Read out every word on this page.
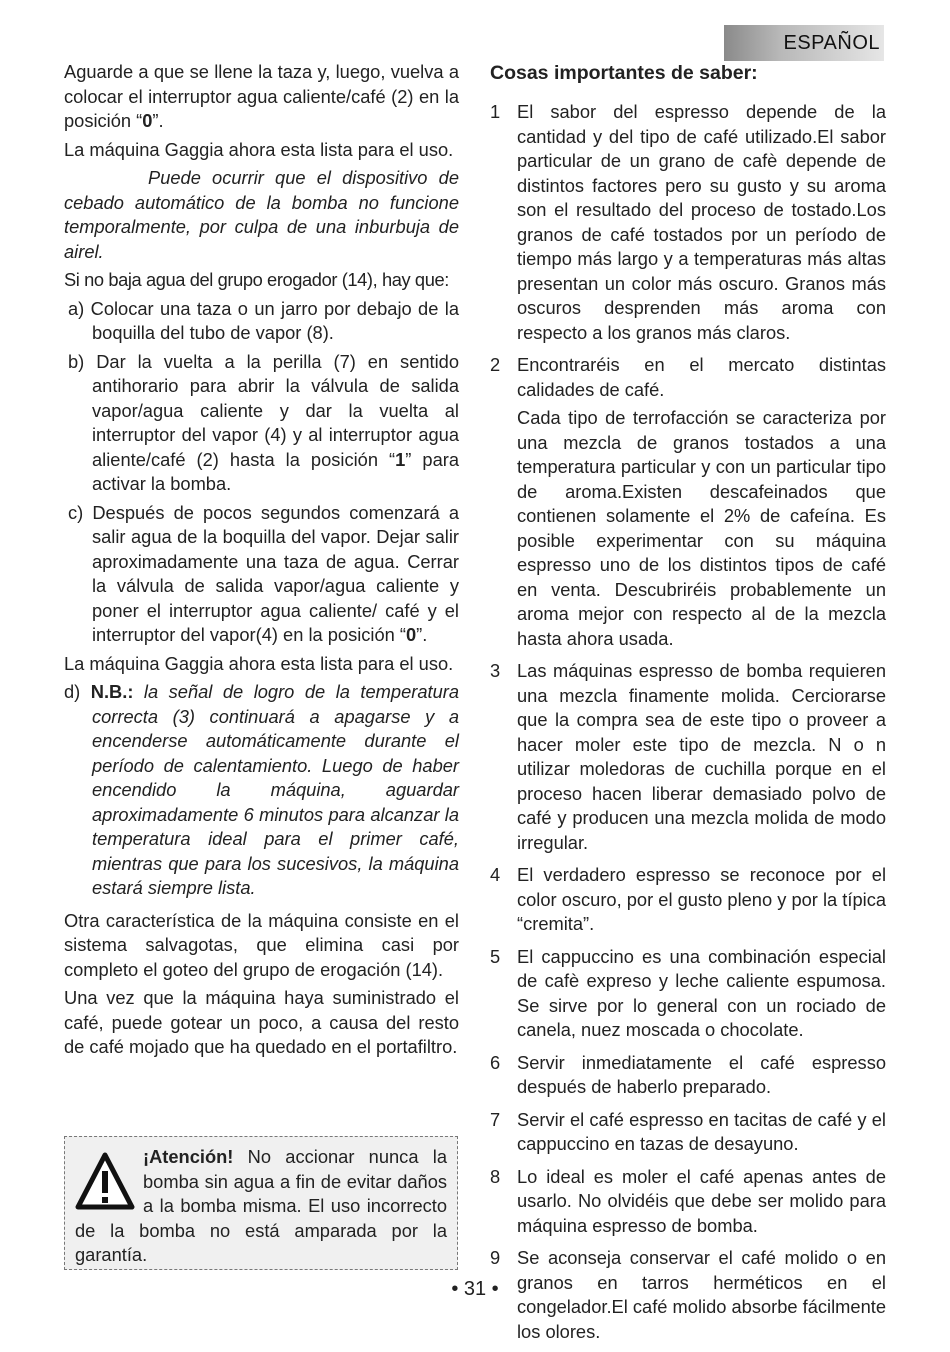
ESPAÑOL

Aguarde a que se llene la taza y, luego, vuelva a colocar el interruptor agua caliente/café (2) en la posición “0”.

La máquina Gaggia ahora esta lista para el uso.

Puede ocurrir que el dispositivo de cebado automático de la bomba no funcione temporalmente, por culpa de una inburbuja de airel.

Si no baja agua del grupo erogador (14), hay que:

a) Colocar una taza o un jarro por debajo de la boquilla del tubo de vapor (8).

b) Dar la vuelta a la perilla (7) en sentido antihorario para abrir la válvula de salida vapor/agua caliente y dar la vuelta al interruptor del vapor (4) y al interruptor agua aliente/café (2) hasta la posición “1” para activar la bomba.

c) Después de pocos segundos comenzará a salir agua de la boquilla del vapor. Dejar salir aproximadamente una taza de agua. Cerrar la válvula de salida vapor/agua caliente y poner el interruptor agua caliente/ café y el interruptor del vapor(4) en la posición “0”.

La máquina Gaggia ahora esta lista para el uso.

d) N.B.: la señal de logro de la temperatura correcta (3) continuará a apagarse y a encenderse automáticamente durante el período de calentamiento. Luego de haber encendido la máquina, aguardar aproximadamente 6 minutos para alcanzar la temperatura ideal para el primer café, mientras que para los sucesivos, la máquina estará siempre lista.

Otra característica de la máquina consiste en el sistema salvagotas, que elimina casi por completo el goteo del grupo de erogación (14).

Una vez que la máquina haya suministrado el café, puede gotear un poco, a causa del resto de café mojado que ha quedado en el portafiltro.

¡Atención! No accionar nunca la bomba sin agua a fin de evitar daños a la bomba misma. El uso incorrecto de la bomba no está amparada por la garantía.

Cosas importantes de saber:
1 El sabor del espresso depende de la cantidad y del tipo de café utilizado.El sabor particular de un grano de cafè depende de distintos factores pero su gusto y su aroma son el resultado del proceso de tostado.Los granos de café tostados por un período de tiempo más largo y a temperaturas más altas presentan un color más oscuro. Granos más oscuros desprenden más aroma con respecto a los granos más claros.

2 Encontraréis en el mercato distintas calidades de café.

Cada tipo de terrofacción se caracteriza por una mezcla de granos tostados a una temperatura particular y con un particular tipo de aroma.Existen descafeinados que contienen solamente el 2% de cafeína. Es posible experimentar con su máquina espresso uno de los distintos tipos de café en venta. Descubriréis probablemente un aroma mejor con respecto al de la mezcla hasta ahora usada.

3 Las máquinas espresso de bomba requieren una mezcla finamente molida. Cerciorarse que la compra sea de este tipo o proveer a hacer moler este tipo de mezcla. N o n utilizar moledoras de cuchilla porque en el proceso hacen liberar demasiado polvo de café y producen una mezcla molida de modo irregular.

4 El verdadero espresso se reconoce por el color oscuro, por el gusto pleno y por la típica “cremita”.

5 El cappuccino es una combinación especial de cafè expreso y leche caliente espumosa. Se sirve por lo general con un rociado de canela, nuez moscada o chocolate.

6 Servir inmediatamente el café espresso después de haberlo preparado.

7 Servir el café espresso en tacitas de café y el cappuccino en tazas de desayuno.

8 Lo ideal es moler el café apenas antes de usarlo. No olvidéis que debe ser molido para máquina espresso de bomba.

9 Se aconseja conservar el café molido o en granos en tarros herméticos en el congelador.El café molido absorbe fácilmente los olores.

• 31 •
